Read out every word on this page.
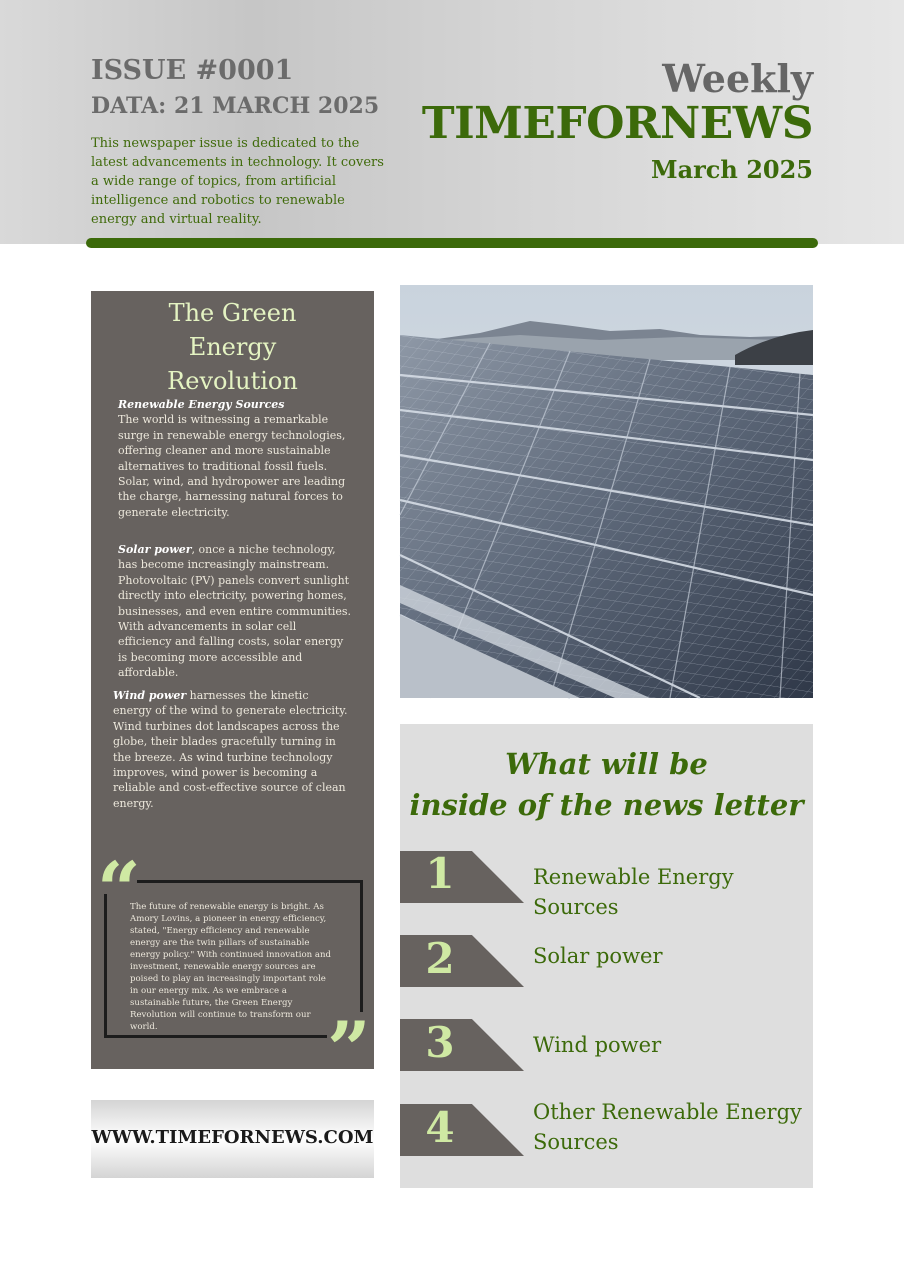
ISSUE #0001
DATA: 21 MARCH 2025
This newspaper issue is dedicated to the latest advancements in technology. It covers a wide range of topics, from artificial intelligence and robotics to renewable energy and virtual reality.
Weekly
TIMEFORNEWS
March 2025
The Green Energy Revolution
Renewable Energy Sources
The world is witnessing a remarkable surge in renewable energy technologies, offering cleaner and more sustainable alternatives to traditional fossil fuels. Solar, wind, and hydropower are leading the charge, harnessing natural forces to generate electricity.
Solar power, once a niche technology, has become increasingly mainstream. Photovoltaic (PV) panels convert sunlight directly into electricity, powering homes, businesses, and even entire communities. With advancements in solar cell efficiency and falling costs, solar energy is becoming more accessible and affordable.
Wind power harnesses the kinetic energy of the wind to generate electricity. Wind turbines dot landscapes across the globe, their blades gracefully turning in the breeze. As wind turbine technology improves, wind power is becoming a reliable and cost-effective source of clean energy.
“
”
The future of renewable energy is bright. As Amory Lovins, a pioneer in energy efficiency, stated, "Energy efficiency and renewable energy are the twin pillars of sustainable energy policy." With continued innovation and investment, renewable energy sources are poised to play an increasingly important role in our energy mix. As we embrace a sustainable future, the Green Energy Revolution will continue to transform our world.
WWW.TIMEFORNEWS.COM
What will be
inside of the news letter
1	Renewable Energy Sources
2	Solar power
3	Wind power
4	Other Renewable Energy Sources
